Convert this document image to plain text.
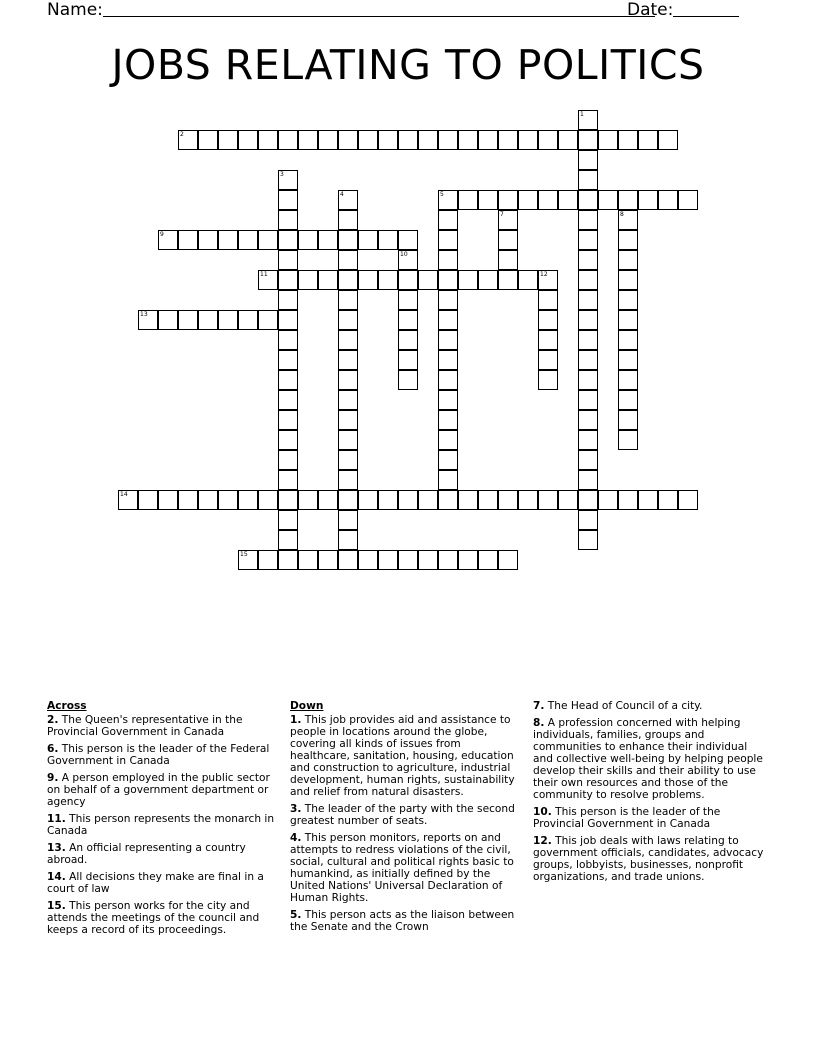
Name:	Date:
JOBS RELATING TO POLITICS
2
5
9
11	12
13
14
15
1
3
4
7	8
10
Across
2. The Queen's representative in the Provincial Government in Canada
6. This person is the leader of the Federal Government in Canada
9. A person employed in the public sector on behalf of a government department or agency
11. This person represents the monarch in Canada
13. An official representing a country abroad.
14. All decisions they make are final in a court of law
15. This person works for the city and attends the meetings of the council and keeps a record of its proceedings.
Down
1. This job provides aid and assistance to people in locations around the globe, covering all kinds of issues from healthcare, sanitation, housing, education and construction to agriculture, industrial development, human rights, sustainability and relief from natural disasters.
3. The leader of the party with the second greatest number of seats.
4. This person monitors, reports on and attempts to redress violations of the civil, social, cultural and political rights basic to humankind, as initially defined by the United Nations' Universal Declaration of Human Rights.
5. This person acts as the liaison between the Senate and the Crown
7. The Head of Council of a city.
8. A profession concerned with helping individuals, families, groups and communities to enhance their individual and collective well-being by helping people develop their skills and their ability to use their own resources and those of the community to resolve problems.
10. This person is the leader of the Provincial Government in Canada
12. This job deals with laws relating to government officials, candidates, advocacy groups, lobbyists, businesses, nonprofit organizations, and trade unions.
